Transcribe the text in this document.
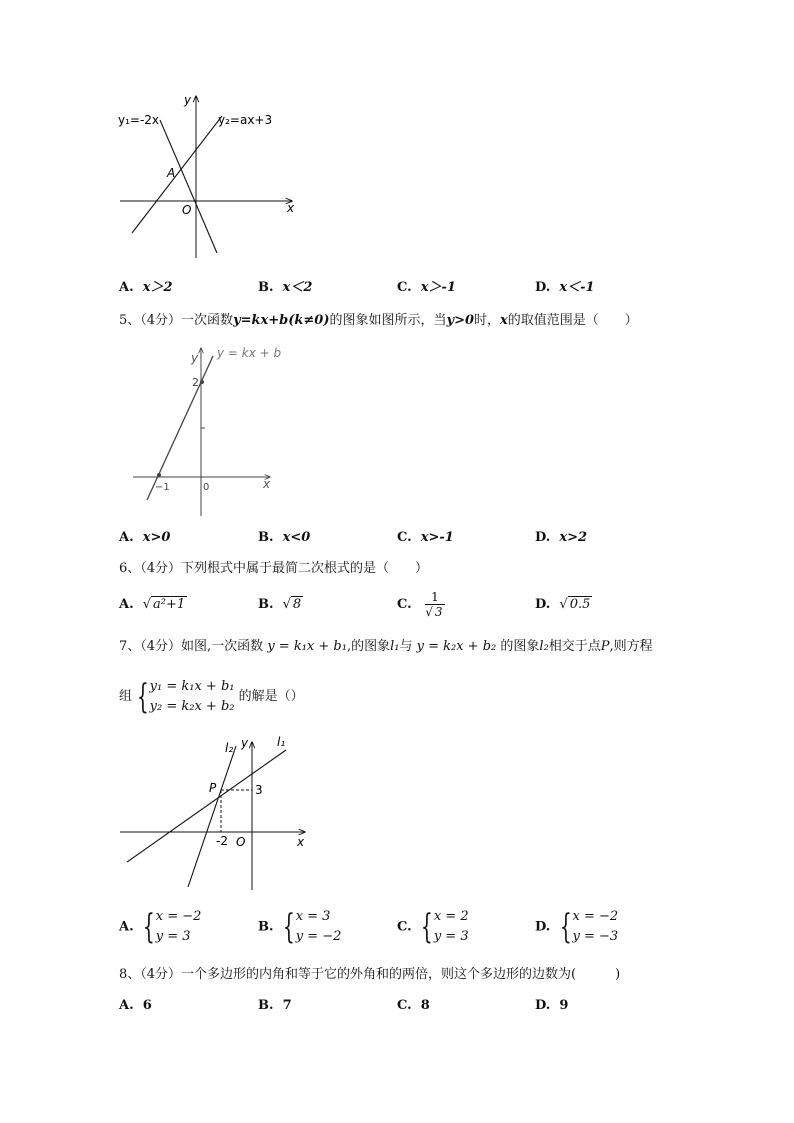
y
x
O
A
y₁=-2x	y₂=ax+3
A. x＞2	B. x＜2	C. x＞-1	D. x＜-1
5、（4分）一次函数y=kx+b(k≠0)的图象如图所示，当y>0时，x的取值范围是（　　）
y
x
y = kx + b
2
−1	0
A. x>0	B. x<0	C. x>-1	D. x>2
6、（4分）下列根式中属于最简二次根式的是（　　）
A. √ a²+1	B. √ 8	C. $\frac{1}{√ 3}$	D. √ 0.5
7、（4分）如图,一次函数 y = k₁x + b₁,的图象l₁与 y = k₂x + b₂ 的图象l₂相交于点P,则方程
组 { y₁ = k₁x + b₁
y₂ = k₂x + b₂
的解是（）
y
x
O
P	3
-2
l₁
l₂
A. { x = −2
y = 3
B. { x = 3
y = −2
C. { x = 2
y = 3
D. { x = −2
y = −3
8、（4分）一个多边形的内角和等于它的外角和的两倍，则这个多边形的边数为(　　　)
A. 6	B. 7	C. 8	D. 9
